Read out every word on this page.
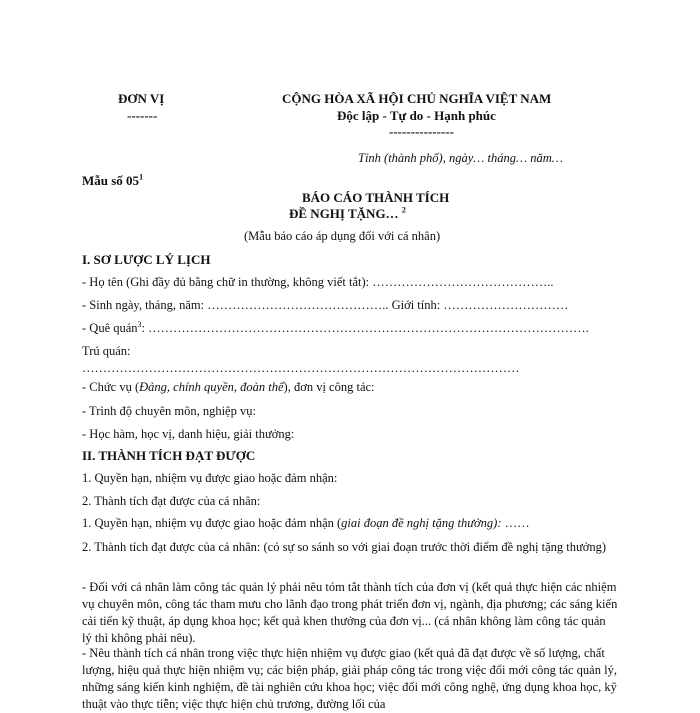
ĐƠN VỊ
-------
CỘNG HÒA XÃ HỘI CHỦ NGHĨA VIỆT NAM
Độc lập - Tự do - Hạnh phúc
---------------
Tỉnh (thành phố), ngày… tháng… năm…
Mẫu số $05^1$
BÁO CÁO THÀNH TÍCH
ĐỀ NGHỊ TẶNG… $^2$
(Mẫu báo cáo áp dụng đối với cá nhân)
I. SƠ LƯỢC LÝ LỊCH
- Họ tên (Ghi đầy đủ bằng chữ in thường, không viết tắt): ……………………………………..
- Sinh ngày, tháng, năm: …………………………………….. Giới tính: …………………………
- Quê quán$^3$: …………………………………………………………………………………………….
Trú quán:
……………………………………………………………………………………………
- Chức vụ (Đảng, chính quyền, đoàn thể), đơn vị công tác:
- Trình độ chuyên môn, nghiệp vụ:
- Học hàm, học vị, danh hiệu, giải thưởng:
II. THÀNH TÍCH ĐẠT ĐƯỢC
1. Quyền hạn, nhiệm vụ được giao hoặc đảm nhận:
2. Thành tích đạt được của cá nhân:
1. Quyền hạn, nhiệm vụ được giao hoặc đảm nhận (giai đoạn đề nghị tặng thưởng): ……
2. Thành tích đạt được của cá nhân: (có sự so sánh so với giai đoạn trước thời điểm đề nghị tặng thưởng)
- Đối với cá nhân làm công tác quản lý phải nêu tóm tắt thành tích của đơn vị (kết quả thực hiện các nhiệm vụ chuyên môn, công tác tham mưu cho lãnh đạo trong phát triển đơn vị, ngành, địa phương; các sáng kiến cải tiến kỹ thuật, áp dụng khoa học; kết quả khen thưởng của đơn vị... (cá nhân không làm công tác quản lý thì không phải nêu).
- Nêu thành tích cá nhân trong việc thực hiện nhiệm vụ được giao (kết quả đã đạt được về số lượng, chất lượng, hiệu quả thực hiện nhiệm vụ; các biện pháp, giải pháp công tác trong việc đổi mới công tác quản lý, những sáng kiến kinh nghiệm, đề tài nghiên cứu khoa học; việc đổi mới công nghệ, ứng dụng khoa học, kỹ thuật vào thực tiễn; việc thực hiện chủ trương, đường lối của
